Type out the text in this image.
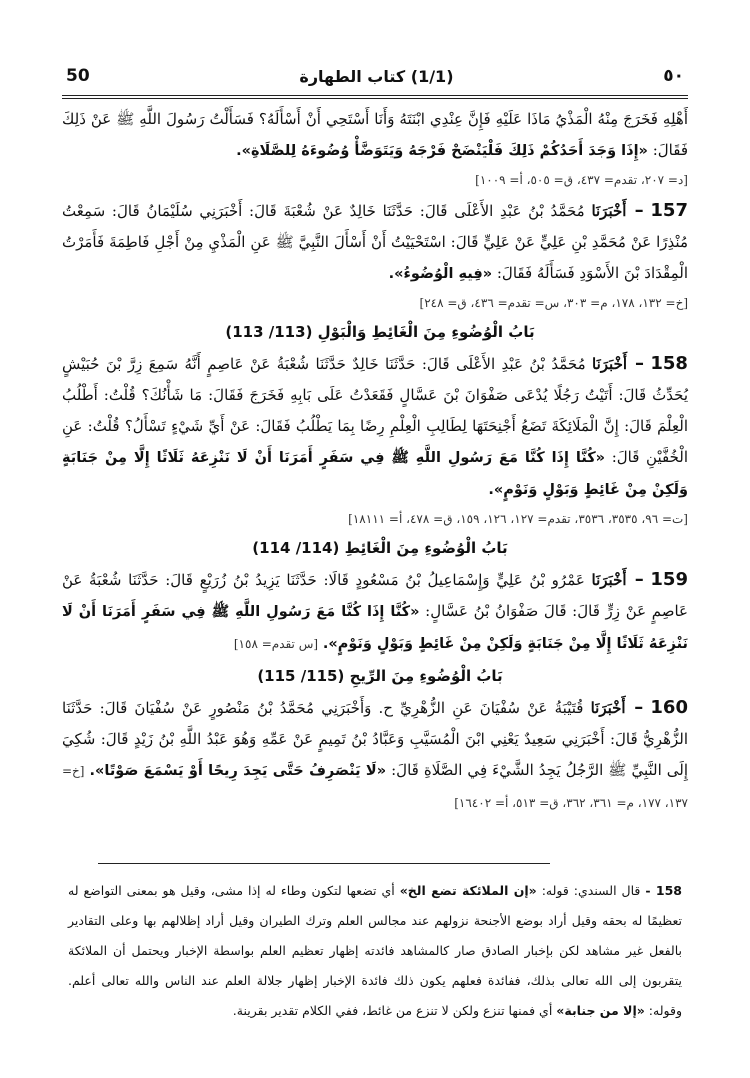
50	(1/1) كتاب الطهارة	٥٠

أَهْلِهِ فَخَرَجَ مِنْهُ الْمَذْيُ مَاذَا عَلَيْهِ فَإِنَّ عِنْدِي ابْنَتَهُ وَأَنَا أَسْتَحِي أَنْ أَسْأَلَهُ؟ فَسَأَلْتُ رَسُولَ اللَّهِ ﷺ عَنْ ذَلِكَ فَقَالَ: «إِذَا وَجَدَ أَحَدُكُمْ ذَلِكَ فَلْيَنْضَحْ فَرْجَهُ وَيَتَوَضَّأْ وُضُوءَهُ لِلصَّلَاةِ».

[د= ٢٠٧، تقدم= ٤٣٧، ق= ٥٠٥، أ= ١٠٠٩]

157 – أَخْبَرَنَا مُحَمَّدُ بْنُ عَبْدِ الأَعْلَى قَالَ: حَدَّثَنَا خَالِدٌ عَنْ شُعْبَةَ قَالَ: أَخْبَرَنِي سُلَيْمَانُ قَالَ: سَمِعْتُ مُنْذِرًا عَنْ مُحَمَّدِ بْنِ عَلِيٍّ عَنْ عَلِيٍّ قَالَ: اسْتَحْيَيْتُ أَنْ أَسْأَلَ النَّبِيَّ ﷺ عَنِ الْمَذْيِ مِنْ أَجْلِ فَاطِمَةَ فَأَمَرْتُ الْمِقْدَادَ بْنَ الأَسْوَدِ فَسَأَلَهُ فَقَالَ: «فِيهِ الْوُضُوءُ».

[خ= ١٣٢، ١٧٨، م= ٣٠٣، س= تقدم= ٤٣٦، ق= ٢٤٨]
بَابُ الْوُضُوءِ مِنَ الْغَائِطِ وَالْبَوْلِ (113/ 113)

158 – أَخْبَرَنَا مُحَمَّدُ بْنُ عَبْدِ الأَعْلَى قَالَ: حَدَّثَنَا خَالِدٌ حَدَّثَنَا شُعْبَةُ عَنْ عَاصِمٍ أَنَّهُ سَمِعَ زِرَّ بْنَ حُبَيْشٍ يُحَدِّثُ قَالَ: أَتَيْتُ رَجُلًا يُدْعَى صَفْوَانَ بْنَ عَسَّالٍ فَقَعَدْتُ عَلَى بَابِهِ فَخَرَجَ فَقَالَ: مَا شَأْنُكَ؟ قُلْتُ: أَطْلُبُ الْعِلْمَ قَالَ: إِنَّ الْمَلَائِكَةَ تَضَعُ أَجْنِحَتَهَا لِطَالِبِ الْعِلْمِ رِضًا بِمَا يَطْلُبُ فَقَالَ: عَنْ أَيِّ شَيْءٍ تَسْأَلُ؟ قُلْتُ: عَنِ الْخُفَّيْنِ قَالَ: «كُنَّا إِذَا كُنَّا مَعَ رَسُولِ اللَّهِ ﷺ فِي سَفَرٍ أَمَرَنَا أَنْ لَا نَنْزِعَهُ ثَلَاثًا إِلَّا مِنْ جَنَابَةٍ وَلَكِنْ مِنْ غَائِطٍ وَبَوْلٍ وَنَوْمٍ».

[ت= ٩٦، ٣٥٣٥، ٣٥٣٦، تقدم= ١٢٧، ١٢٦، ١٥٩، ق= ٤٧٨، أ= ١٨١١١]
بَابُ الْوُضُوءِ مِنَ الْغَائِطِ (114/ 114)

159 – أَخْبَرَنَا عَمْرُو بْنُ عَلِيٍّ وَإِسْمَاعِيلُ بْنُ مَسْعُودٍ قَالَا: حَدَّثَنَا يَزِيدُ بْنُ زُرَيْعٍ قَالَ: حَدَّثَنَا شُعْبَةُ عَنْ عَاصِمٍ عَنْ زِرٍّ قَالَ: قَالَ صَفْوَانُ بْنُ عَسَّالٍ: «كُنَّا إِذَا كُنَّا مَعَ رَسُولِ اللَّهِ ﷺ فِي سَفَرٍ أَمَرَنَا أَنْ لَا نَنْزِعَهُ ثَلَاثًا إِلَّا مِنْ جَنَابَةٍ وَلَكِنْ مِنْ غَائِطٍ وَبَوْلٍ وَنَوْمٍ». [س تقدم= ١٥٨]

بَابُ الْوُضُوءِ مِنَ الرِّيحِ (115/ 115)

160 – أَخْبَرَنَا قُتَيْبَةُ عَنْ سُفْيَانَ عَنِ الزُّهْرِيِّ ح. وَأَخْبَرَنِي مُحَمَّدُ بْنُ مَنْصُورٍ عَنْ سُفْيَانَ قَالَ: حَدَّثَنَا الزُّهْرِيُّ قَالَ: أَخْبَرَنِي سَعِيدٌ يَعْنِي ابْنَ الْمُسَيَّبِ وَعَبَّادُ بْنُ تَمِيمٍ عَنْ عَمِّهِ وَهُوَ عَبْدُ اللَّهِ بْنُ زَيْدٍ قَالَ: شُكِيَ إِلَى النَّبِيِّ ﷺ الرَّجُلُ يَجِدُ الشَّيْءَ فِي الصَّلَاةِ قَالَ: «لَا يَنْصَرِفُ حَتَّى يَجِدَ رِيحًا أَوْ يَسْمَعَ صَوْتًا». [خ= ١٣٧، ١٧٧، م= ٣٦١، ٣٦٢، ق= ٥١٣، أ= ١٦٤٠٢]

158 - قال السندي: قوله: «إن الملائكة تضع الخ» أي تضعها لتكون وطاء له إذا مشى، وقيل هو بمعنى التواضع له تعظيمًا له بحقه وقيل أراد بوضع الأجنحة نزولهم عند مجالس العلم وترك الطيران وقيل أراد إظلالهم بها وعلى التقادير بالفعل غير مشاهد لكن بإخبار الصادق صار كالمشاهد فائدته إظهار تعظيم العلم بواسطة الإخبار ويحتمل أن الملائكة يتقربون إلى الله تعالى بذلك، ففائدة فعلهم يكون ذلك فائدة الإخبار إظهار جلالة العلم عند الناس والله تعالى أعلم. وقوله: «إلا من جنابة» أي فمنها تنزع ولكن لا تنزع من غائط، ففي الكلام تقدير بقرينة.
